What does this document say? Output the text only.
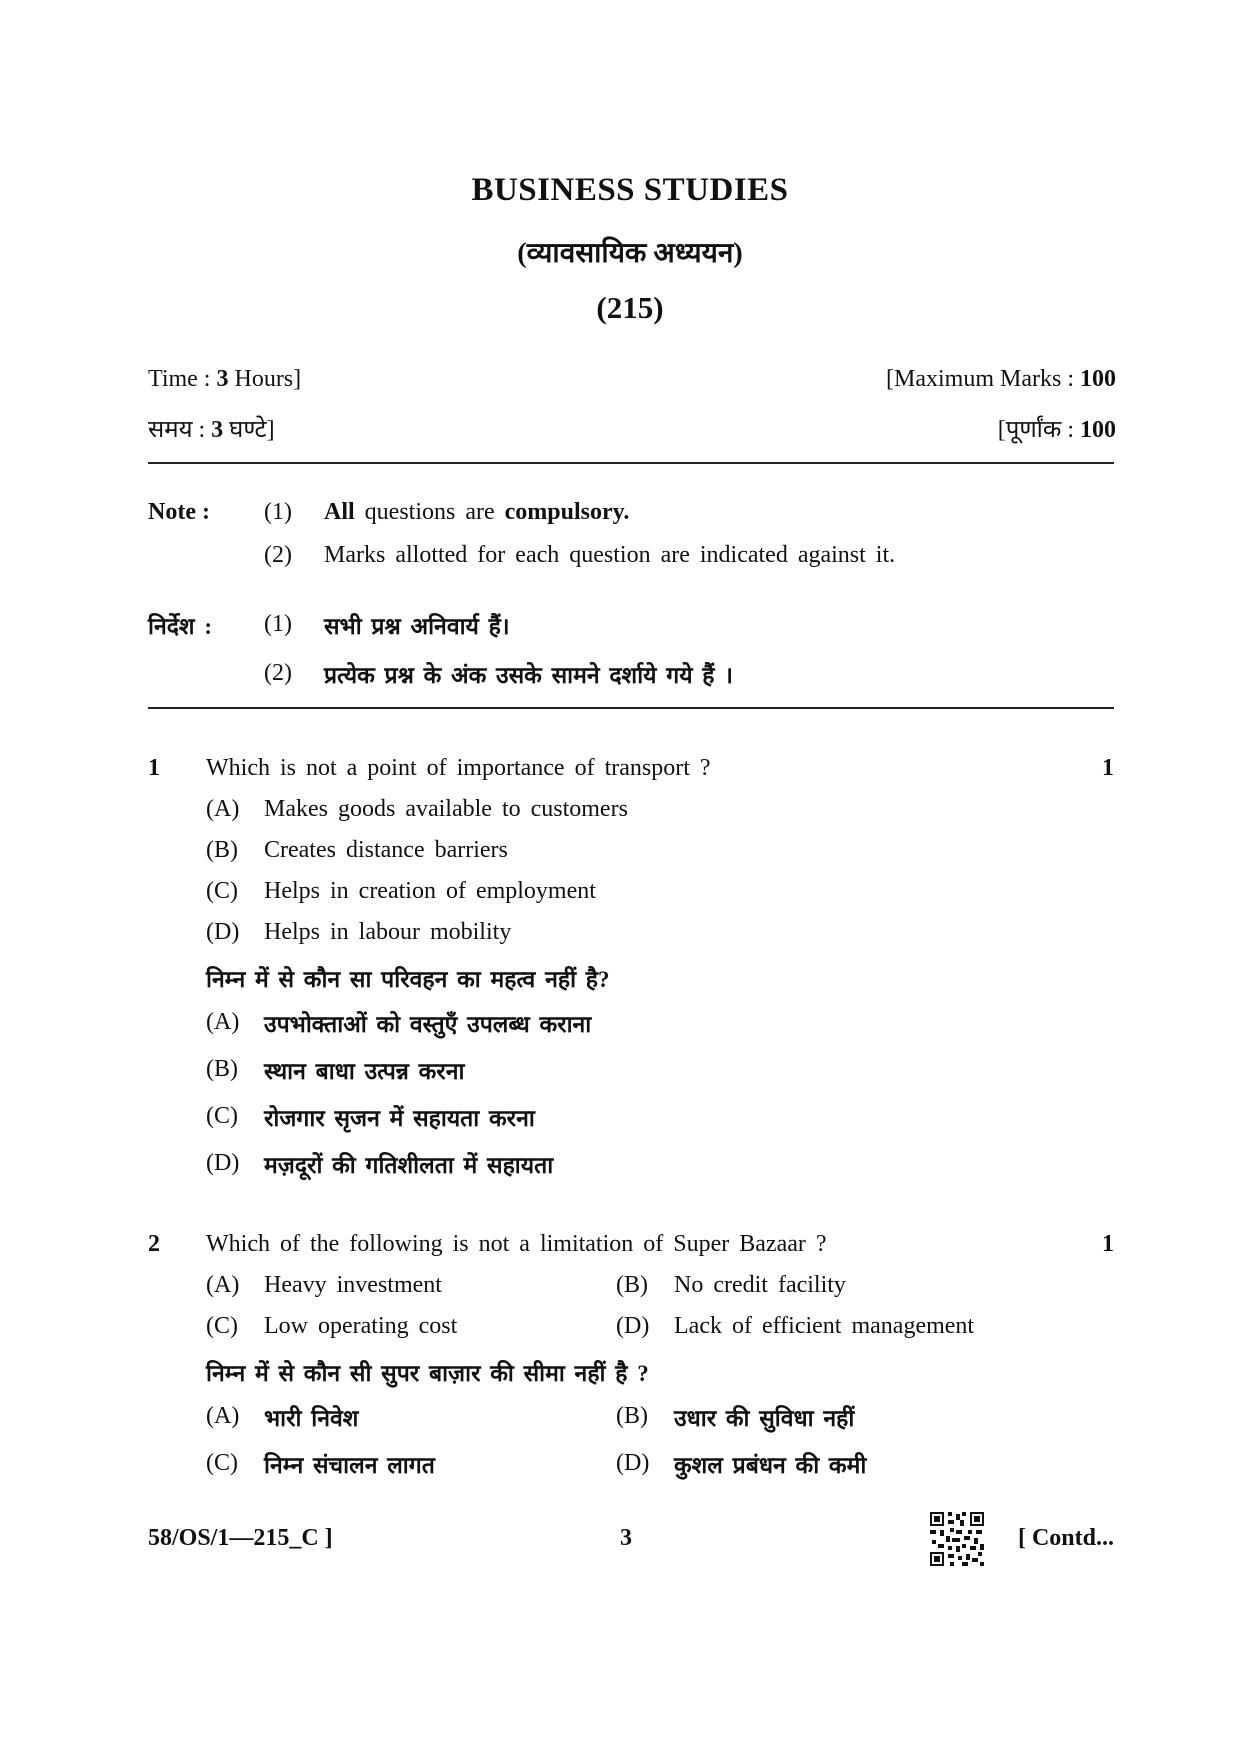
BUSINESS STUDIES
(व्यावसायिक अध्ययन)
(215)
Time : 3 Hours]	[Maximum Marks : 100
समय : 3 घण्टे]	[पूर्णांक : 100
Note : (1) All questions are compulsory.
(2) Marks allotted for each question are indicated against it.
निर्देश : (1) सभी प्रश्न अनिवार्य हैं।
(2) प्रत्येक प्रश्न के अंक उसके सामने दर्शाये गये हैं ।
1 Which is not a point of importance of transport ?	1
(A) Makes goods available to customers
(B) Creates distance barriers
(C) Helps in creation of employment
(D) Helps in labour mobility
निम्न में से कौन सा परिवहन का महत्व नहीं है?
(A) उपभोक्ताओं को वस्तुएँ उपलब्ध कराना
(B) स्थान बाधा उत्पन्न करना
(C) रोजगार सृजन में सहायता करना
(D) मज़दूरों की गतिशीलता में सहायता
2 Which of the following is not a limitation of Super Bazaar ?	1
(A) Heavy investment	(B) No credit facility
(C) Low operating cost	(D) Lack of efficient management
निम्न में से कौन सी सुपर बाज़ार की सीमा नहीं है ?
(A) भारी निवेश	(B) उधार की सुविधा नहीं
(C) निम्न संचालन लागत	(D) कुशल प्रबंधन की कमी
58/OS/1—215_C ]	3	[ Contd...
